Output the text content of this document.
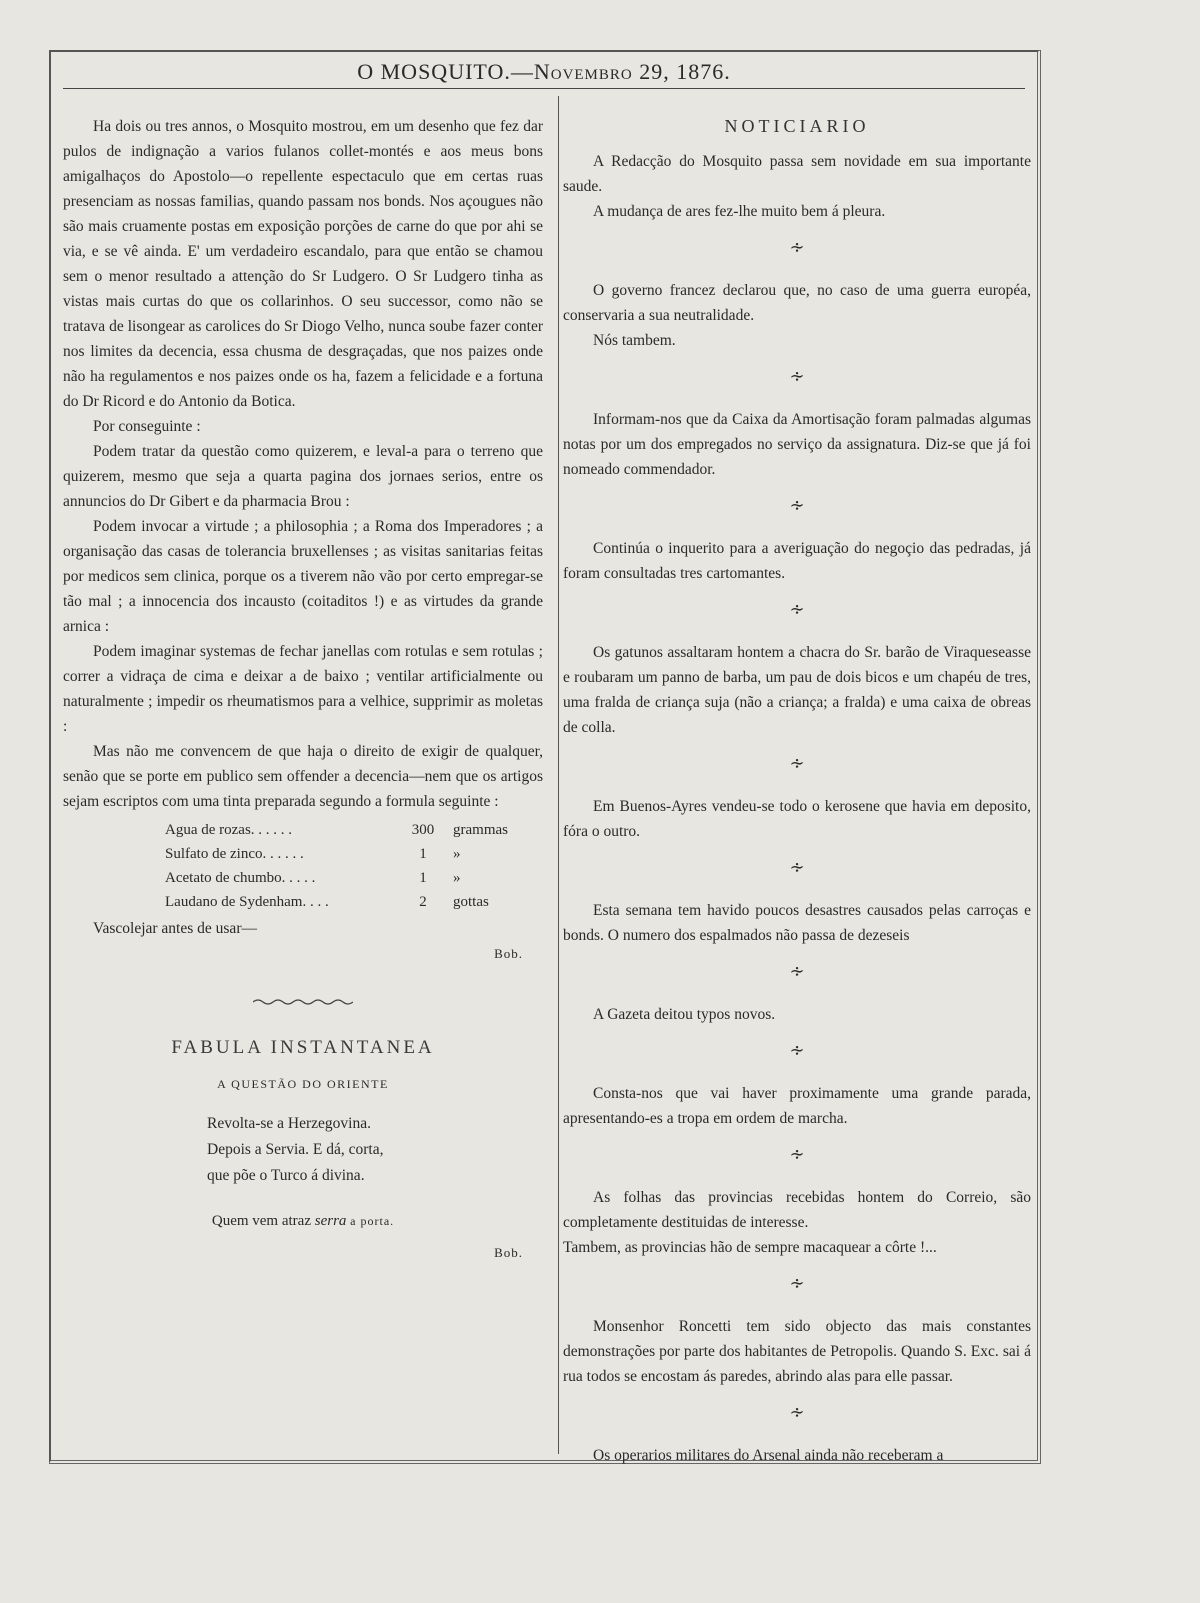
O MOSQUITO.—Novembro 29, 1876.

Ha dois ou tres annos, o Mosquito mostrou, em um desenho que fez dar pulos de indignação a varios fulanos collet-montés e aos meus bons amigalhaços do Apostolo—o repellente espectaculo que em certas ruas presenciam as nossas familias, quando passam nos bonds. Nos açougues não são mais cruamente postas em exposição porções de carne do que por ahi se via, e se vê ainda. E' um verdadeiro escandalo, para que então se chamou sem o menor resultado a attenção do Sr Ludgero. O Sr Ludgero tinha as vistas mais curtas do que os collarinhos. O seu successor, como não se tratava de lisongear as carolices do Sr Diogo Velho, nunca soube fazer conter nos limites da decencia, essa chusma de desgraçadas, que nos paizes onde não ha regulamentos e nos paizes onde os ha, fazem a felicidade e a fortuna do Dr Ricord e do Antonio da Botica.

Por conseguinte :

Podem tratar da questão como quizerem, e leval-a para o terreno que quizerem, mesmo que seja a quarta pagina dos jornaes serios, entre os annuncios do Dr Gibert e da pharmacia Brou :

Podem invocar a virtude ; a philosophia ; a Roma dos Imperadores ; a organisação das casas de tolerancia bruxellenses ; as visitas sanitarias feitas por medicos sem clinica, porque os a tiverem não vão por certo empregar-se tão mal ; a innocencia dos incausto (coitaditos !) e as virtudes da grande arnica :

Podem imaginar systemas de fechar janellas com rotulas e sem rotulas ; correr a vidraça de cima e deixar a de baixo ; ventilar artificialmente ou naturalmente ; impedir os rheumatismos para a velhice, supprimir as moletas :

Mas não me convencem de que haja o direito de exigir de qualquer, senão que se porte em publico sem offender a decencia—nem que os artigos sejam escriptos com uma tinta preparada segundo a formula seguinte :

Agua de rozas. . . . . .	300	grammas
Sulfato de zinco. . . . . .	1	»
Acetato de chumbo. . . . .	1	»
Laudano de Sydenham. . . .	2	gottas

Vascolejar antes de usar—

Bob.
FABULA INSTANTANEA
A QUESTÃO DO ORIENTE
Revolta-se a Herzegovina.
Depois a Servia. E dá, corta,
que põe o Turco á divina.
Quem vem atraz serra a porta.
Bob.
NOTICIARIO

A Redacção do Mosquito passa sem novidade em sua importante saude.

A mudança de ares fez-lhe muito bem á pleura.

∻

O governo francez declarou que, no caso de uma guerra européa, conservaria a sua neutralidade.

Nós tambem.

∻

Informam-nos que da Caixa da Amortisação foram palmadas algumas notas por um dos empregados no serviço da assignatura. Diz-se que já foi nomeado commendador.

∻

Continúa o inquerito para a averiguação do negoçio das pedradas, já foram consultadas tres cartomantes.

∻

Os gatunos assaltaram hontem a chacra do Sr. barão de Viraqueseasse e roubaram um panno de barba, um pau de dois bicos e um chapéu de tres, uma fralda de criança suja (não a criança; a fralda) e uma caixa de obreas de colla.

∻

Em Buenos-Ayres vendeu-se todo o kerosene que havia em deposito, fóra o outro.

∻

Esta semana tem havido poucos desastres causados pelas carroças e bonds. O numero dos espalmados não passa de dezeseis

∻

A Gazeta deitou typos novos.

∻

Consta-nos que vai haver proximamente uma grande parada, apresentando-es a tropa em ordem de marcha.

∻

As folhas das provincias recebidas hontem do Correio, são completamente destituidas de interesse.

Tambem, as provincias hão de sempre macaquear a côrte !...

∻

Monsenhor Roncetti tem sido objecto das mais constantes demonstrações por parte dos habitantes de Petropolis. Quando S. Exc. sai á rua todos se encostam ás paredes, abrindo alas para elle passar.

∻

Os operarios militares do Arsenal ainda não receberam a
